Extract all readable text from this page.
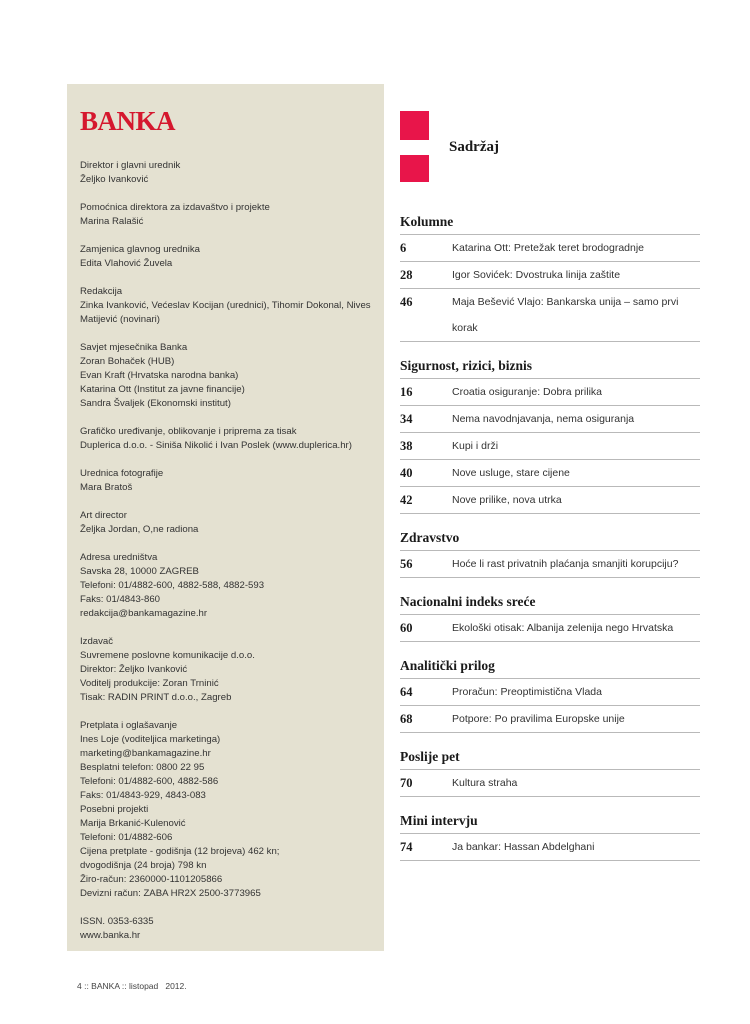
BANKA
Direktor i glavni urednik
Željko Ivanković
Pomoćnica direktora za izdavaštvo i projekte
Marina Ralašić
Zamjenica glavnog urednika
Edita Vlahović Žuvela
Redakcija
Zinka Ivanković, Većeslav Kocijan (urednici), Tihomir Dokonal, Nives
Matijević (novinari)
Savjet mjesečnika Banka
Zoran Bohaček (HUB)
Evan Kraft (Hrvatska narodna banka)
Katarina Ott (Institut za javne financije)
Sandra Švaljek (Ekonomski institut)
Grafičko uređivanje, oblikovanje i priprema za tisak
Duplerica d.o.o. - Siniša Nikolić i Ivan Poslek (www.duplerica.hr)
Urednica fotografije
Mara Bratoš
Art director
Željka Jordan, O,ne radiona
Adresa uredništva
Savska 28, 10000 ZAGREB
Telefoni: 01/4882-600, 4882-588, 4882-593
Faks: 01/4843-860
redakcija@bankamagazine.hr
Izdavač
Suvremene poslovne komunikacije d.o.o.
Direktor: Željko Ivanković
Voditelj produkcije: Zoran Trninić
Tisak: RADIN PRINT d.o.o., Zagreb
Pretplata i oglašavanje
Ines Loje (voditeljica marketinga)
marketing@bankamagazine.hr
Besplatni telefon: 0800 22 95
Telefoni: 01/4882-600, 4882-586
Faks: 01/4843-929, 4843-083
Posebni projekti
Marija Brkanić-Kulenović
Telefoni: 01/4882-606
Cijena pretplate - godišnja (12 brojeva) 462 kn;
dvogodišnja (24 broja) 798 kn
Žiro-račun: 2360000-1101205866
Devizni račun: ZABA HR2X 2500-3773965
ISSN. 0353-6335
www.banka.hr
Sadržaj
Kolumne
6	Katarina Ott: Pretežak teret brodogradnje
28	Igor Sovićek: Dvostruka linija zaštite
46	Maja Bešević Vlajo: Bankarska unija – samo prvi korak
Sigurnost, rizici, biznis
16	Croatia osiguranje: Dobra prilika
34	Nema navodnjavanja, nema osiguranja
38	Kupi i drži
40	Nove usluge, stare cijene
42	Nove prilike, nova utrka
Zdravstvo
56	Hoće li rast privatnih plaćanja smanjiti korupciju?
Nacionalni indeks sreće
60	Ekološki otisak: Albanija zelenija nego Hrvatska
Analitički prilog
64	Proračun: Preoptimistična Vlada
68	Potpore: Po pravilima Europske unije
Poslije pet
70	Kultura straha
Mini intervju
74	Ja bankar: Hassan Abdelghani
4 :: BANKA :: listopad   2012.
